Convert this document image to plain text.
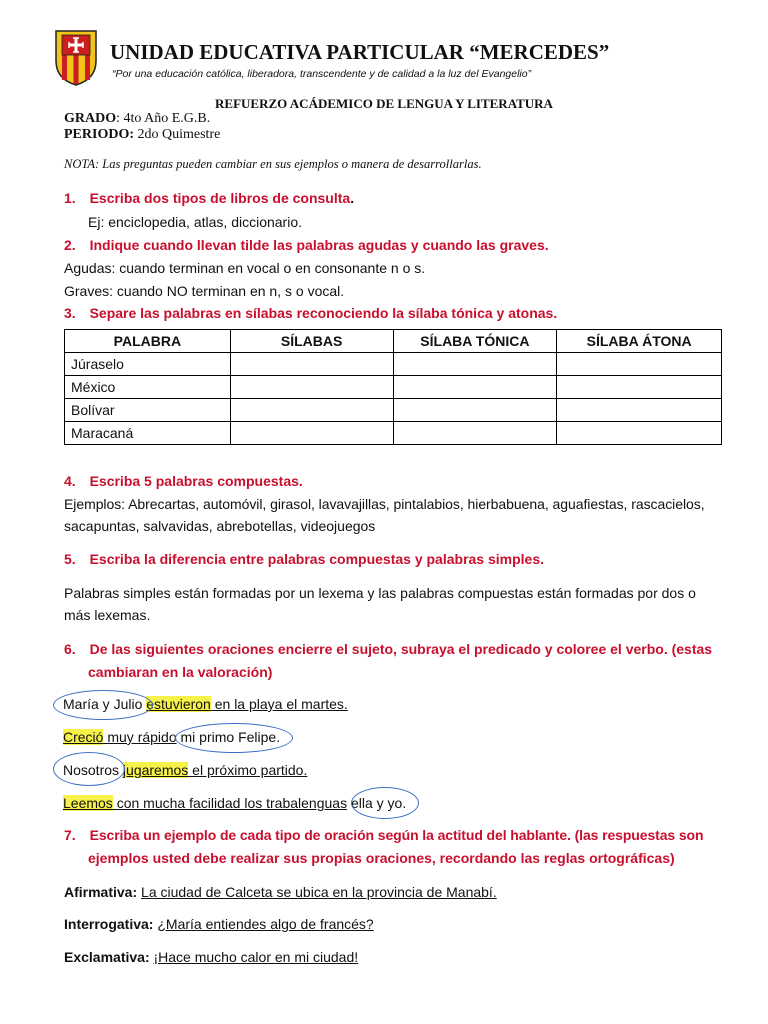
UNIDAD EDUCATIVA PARTICULAR “MERCEDES”
“Por una educación católica, liberadora, transcendente y de calidad a la luz del Evangelio”
REFUERZO ACÁDEMICO DE LENGUA Y LITERATURA
GRADO: 4to Año E.G.B.
PERIODO: 2do Quimestre
NOTA: Las preguntas pueden cambiar en sus ejemplos o manera de desarrollarlas.
1. Escriba dos tipos de libros de consulta.
Ej: enciclopedia, atlas, diccionario.
2. Indique cuando llevan tilde las palabras agudas y cuando las graves.
Agudas: cuando terminan en vocal o en consonante n o s.
Graves: cuando NO terminan en n, s o vocal.
3. Separe las palabras en sílabas reconociendo la sílaba tónica y atonas.
PALABRA	SÍLABAS	SÍLABA TÓNICA	SÍLABA ÁTONA
Júraselo			
México			
Bolívar			
Maracaná			
4. Escriba 5 palabras compuestas.
Ejemplos: Abrecartas, automóvil, girasol, lavavajillas, pintalabios, hierbabuena, aguafiestas, rascacielos,
sacapuntas, salvavidas, abrebotellas, videojuegos
5. Escriba la diferencia entre palabras compuestas y palabras simples.
Palabras simples están formadas por un lexema y las palabras compuestas están formadas por dos o
más lexemas.
6. De las siguientes oraciones encierre el sujeto, subraya el predicado y coloree el verbo. (estas
cambiaran en la valoración)
María y Julio estuvieron en la playa el martes.
Creció muy rápido mi primo Felipe.
Nosotros jugaremos el próximo partido.
Leemos con mucha facilidad los trabalenguas ella y yo.
7. Escriba un ejemplo de cada tipo de oración según la actitud del hablante. (las respuestas son
ejemplos usted debe realizar sus propias oraciones, recordando las reglas ortográficas)
Afirmativa: La ciudad de Calceta se ubica en la provincia de Manabí.
Interrogativa: ¿María entiendes algo de francés?
Exclamativa: ¡Hace mucho calor en mi ciudad!
